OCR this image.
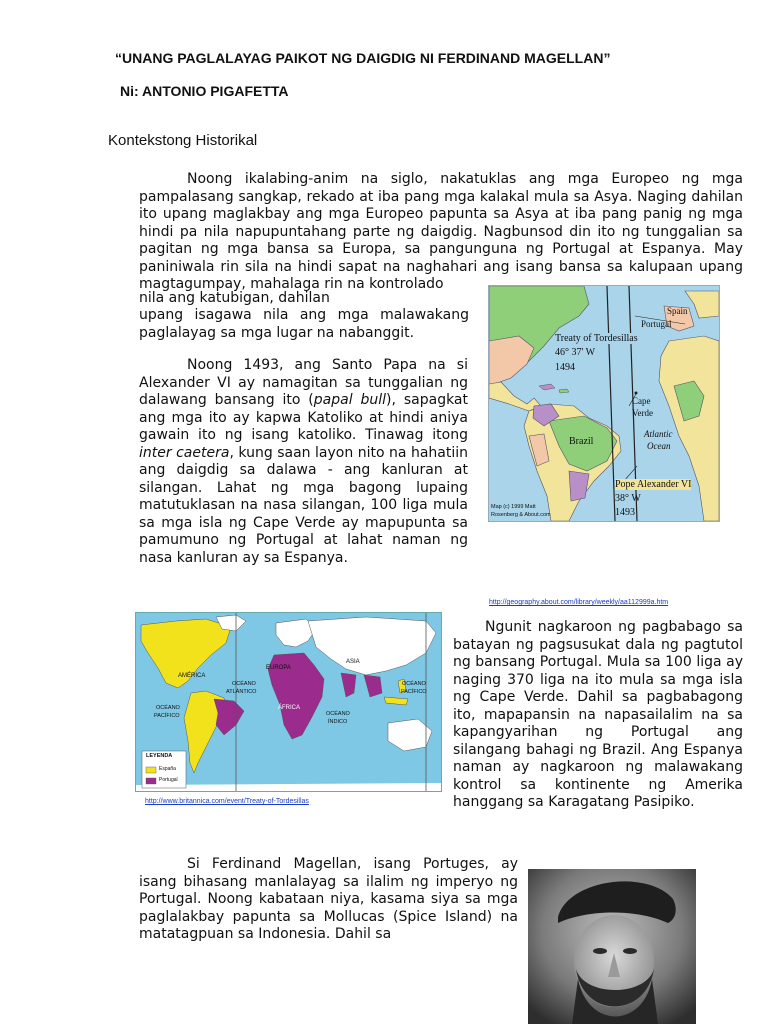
“UNANG PAGLALAYAG PAIKOT NG DAIGDIG NI FERDINAND MAGELLAN”
Ni: ANTONIO PIGAFETTA
Kontekstong Historikal
Noong ikalabing-anim na siglo, nakatuklas ang mga Europeo ng mga pampalasang sangkap, rekado at iba pang mga kalakal mula sa Asya. Naging dahilan ito upang maglakbay ang mga Europeo papunta sa Asya at iba pang panig ng mga hindi pa nila napupuntahang parte ng daigdig. Nagbunsod din ito ng tunggalian sa pagitan ng mga bansa sa Europa, sa pangunguna ng Portugal at Espanya. May paniniwala rin sila na hindi sapat na naghahari ang isang bansa sa kalupaan upang magtagumpay, mahalaga rin na kontrolado
nila ang katubigan, dahilan
upang isagawa nila ang mga malawakang paglalayag sa mga lugar na nabanggit.
Noong 1493, ang Santo Papa na si Alexander VI ay namagitan sa tunggalian ng dalawang bansang ito (papal bull), sapagkat ang mga ito ay kapwa Katoliko at hindi aniya gawain ito ng isang katoliko. Tinawag itong inter caetera, kung saan layon nito na hahatiin ang daigdig sa dalawa - ang kanluran at silangan. Lahat ng mga bagong lupaing matutuklasan na nasa silangan, 100 liga mula sa mga isla ng Cape Verde ay mapupunta sa pamumuno ng Portugal at lahat naman ng nasa kanluran ay sa Espanya.
Spain
Portugal
Treaty of Tordesillas
46° 37' W
1494
Cape
Verde
Brazil
Atlantic
Ocean
Pope Alexander VI
38° W
1493
Map (c) 1999 Matt
Rosenberg & About.com
http://geography.about.com/library/weekly/aa112999a.htm
AMÉRICA
EUROPA
ASIA
ÁFRICA
OCÉANO
ATLÁNTICO
OCÉANO
PACÍFICO
OCÉANO
PACÍFICO
OCÉANO
ÍNDICO
LEYENDA
España
Portugal
http://www.britannica.com/event/Treaty-of-Tordesillas
Ngunit nagkaroon ng pagbabago sa batayan ng pagsusukat dala ng pagtutol ng bansang Portugal. Mula sa 100 liga ay naging 370 liga na ito mula sa mga isla ng Cape Verde. Dahil sa pagbabagong ito, mapapansin na napasailalim na sa kapangyarihan ng Portugal ang silangang bahagi ng Brazil. Ang Espanya naman ay nagkaroon ng malawakang kontrol sa kontinente ng Amerika hanggang sa Karagatang Pasipiko.
Si Ferdinand Magellan, isang Portuges, ay isang bihasang manlalayag sa ilalim ng imperyo ng Portugal. Noong kabataan niya, kasama siya sa mga paglalakbay papunta sa Mollucas (Spice Island) na matatagpuan sa Indonesia. Dahil sa
